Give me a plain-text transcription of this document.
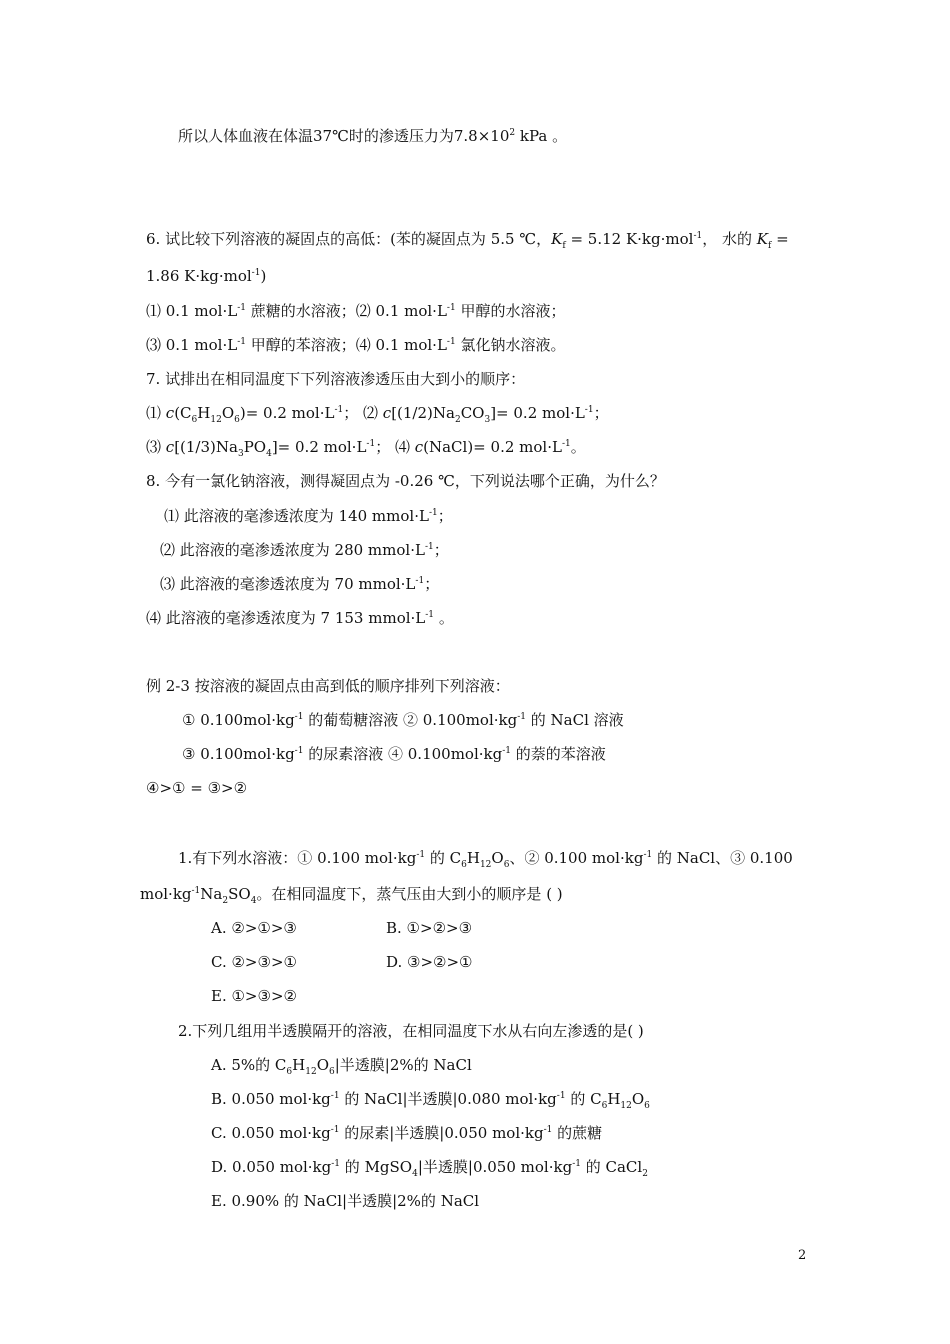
所以人体血液在体温37℃时的渗透压力为$7.8\times 10^2$ kPa 。
6. 试比较下列溶液的凝固点的高低：(苯的凝固点为 5.5 ℃，$K_f = 5.12$ K·kg·mol$^{-1}$， 水的 $K_f$ =
1.86 K·kg·mol$^{-1}$)
⑴ 0.1 $mol\cdot L^{-1}$ 蔗糖的水溶液；⑵ 0.1 $mol\cdot L^{-1}$ 甲醇的水溶液；
⑶ 0.1 $mol\cdot L^{-1}$ 甲醇的苯溶液；⑷ 0.1 $mol\cdot L^{-1}$ 氯化钠水溶液。
7. 试排出在相同温度下下列溶液渗透压由大到小的顺序：
⑴ $c(C_6H_{12}O_6)= 0.2$ $mol\cdot L^{-1}$； ⑵ $c[(1/2)Na_2CO_3]= 0.2$ $mol\cdot L^{-1}$；
⑶ $c[(1/3)Na_3PO_4]= 0.2$ $mol\cdot L^{-1}$； ⑷ c(NaCl)= 0.2 $mol\cdot L^{-1}$。
8. 今有一氯化钠溶液，测得凝固点为 -0.26 ℃，下列说法哪个正确，为什么？
⑴ 此溶液的毫渗透浓度为 140 $mmol\cdot L^{-1}$；
⑵ 此溶液的毫渗透浓度为 280 $mmol\cdot L^{-1}$；
⑶ 此溶液的毫渗透浓度为 70 $mmol\cdot L^{-1}$；
⑷ 此溶液的毫渗透浓度为 7 153 $mmol\cdot L^{-1}$ 。
例 2-3 按溶液的凝固点由高到低的顺序排列下列溶液：
① $0.100mol\cdot kg^{-1}$ 的葡萄糖溶液 ② $0.100mol\cdot kg^{-1}$ 的 NaCl 溶液
③ $0.100mol\cdot kg^{-1}$ 的尿素溶液 ④ $0.100mol\cdot kg^{-1}$ 的萘的苯溶液
④>① = ③>②
1.有下列水溶液：① 0.100 $mol\cdot kg^{-1}$ 的 $C_6H_{12}O_6$、② 0.100 $mol\cdot kg^{-1}$ 的 NaCl、③ 0.100
$mol\cdot kg^{-1}Na_2SO_4$。在相同温度下，蒸气压由大到小的顺序是 ( )
A. ②>①>③	B. ①>②>③
C. ②>③>①	D. ③>②>①
E. ①>③>②
2.下列几组用半透膜隔开的溶液，在相同温度下水从右向左渗透的是( )
A. 5%的 $C_6H_{12}O_6|$半透膜|2%的 NaCl
B. 0.050 $mol\cdot kg^{-1}$ 的 NaCl|半透膜|0.080 $mol\cdot kg^{-1}$ 的 $C_6H_{12}O_6$
C. 0.050 $mol\cdot kg^{-1}$ 的尿素|半透膜|0.050 $mol\cdot kg^{-1}$ 的蔗糖
D. 0.050 $mol\cdot kg^{-1}$ 的 MgSO$_4$|半透膜|0.050 $mol\cdot kg^{-1}$ 的 CaCl$_2$
E. 0.90% 的 NaCl|半透膜|2%的 NaCl
2
